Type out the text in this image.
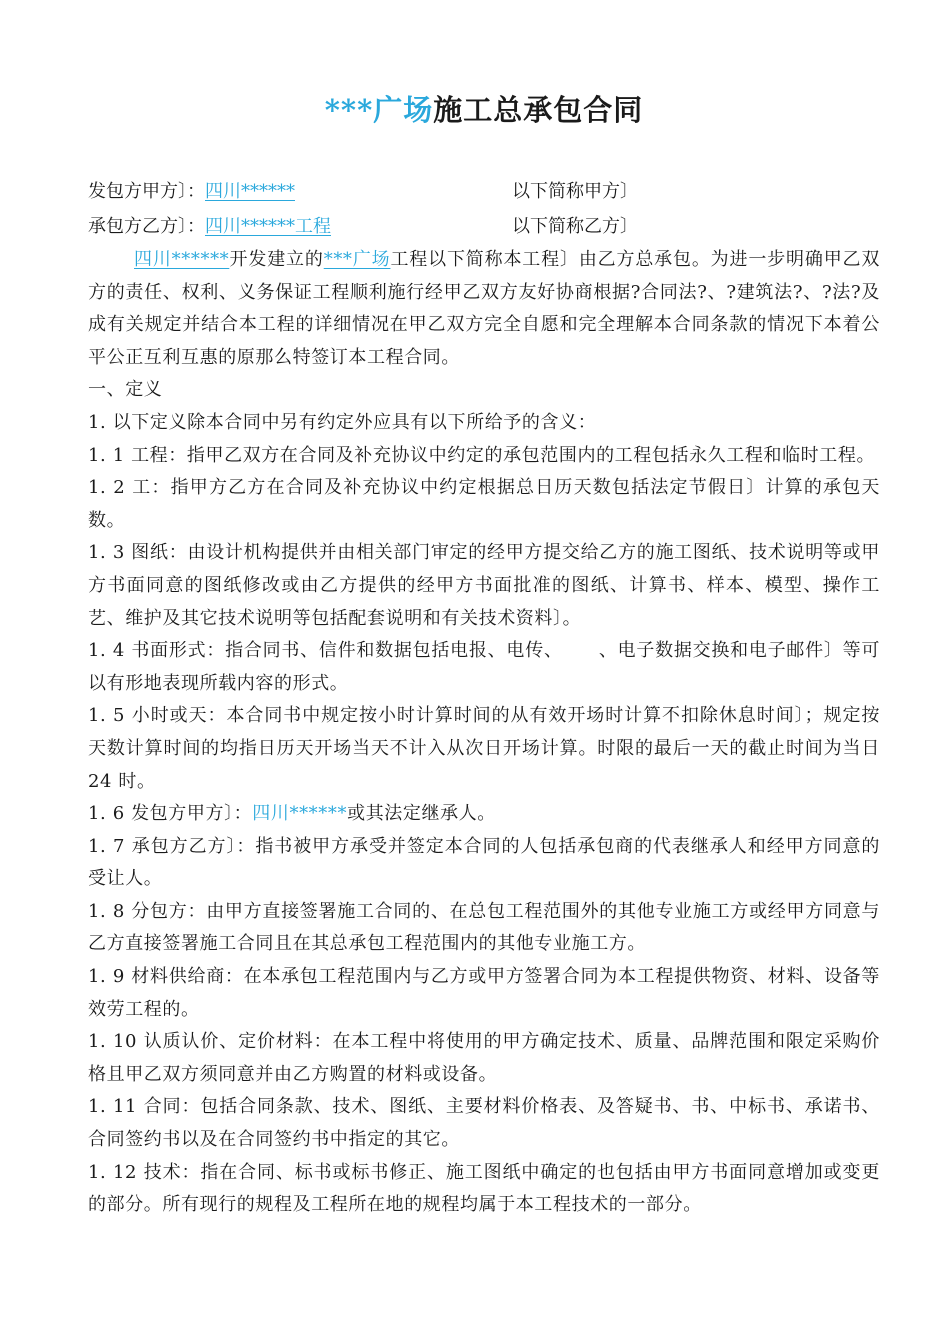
***广场施工总承包合同
发包方甲方〕：四川******	以下简称甲方〕
承包方乙方〕：四川******工程	以下简称乙方〕

四川******开发建立的***广场工程以下简称本工程〕由乙方总承包。为进一步明确甲乙双方的责任、权利、义务保证工程顺利施行经甲乙双方友好协商根据?合同法?、?建筑法?、?法?及成有关规定并结合本工程的详细情况在甲乙双方完全自愿和完全理解本合同条款的情况下本着公平公正互利互惠的原那么特签订本工程合同。

一、定义

1. 以下定义除本合同中另有约定外应具有以下所给予的含义：

1. 1 工程：指甲乙双方在合同及补充协议中约定的承包范围内的工程包括永久工程和临时工程。

1. 2 工：指甲方乙方在合同及补充协议中约定根据总日历天数包括法定节假日〕计算的承包天数。

1. 3 图纸：由设计机构提供并由相关部门审定的经甲方提交给乙方的施工图纸、技术说明等或甲方书面同意的图纸修改或由乙方提供的经甲方书面批准的图纸、计算书、样本、模型、操作工艺、维护及其它技术说明等包括配套说明和有关技术资料〕。

1. 4 书面形式：指合同书、信件和数据包括电报、电传、 、电子数据交换和电子邮件〕等可以有形地表现所载内容的形式。

1. 5 小时或天：本合同书中规定按小时计算时间的从有效开场时计算不扣除休息时间〕；规定按天数计算时间的均指日历天开场当天不计入从次日开场计算。时限的最后一天的截止时间为当日 24 时。

1. 6 发包方甲方〕：四川******或其法定继承人。

1. 7 承包方乙方〕：指书被甲方承受并签定本合同的人包括承包商的代表继承人和经甲方同意的受让人。

1. 8 分包方：由甲方直接签署施工合同的、在总包工程范围外的其他专业施工方或经甲方同意与乙方直接签署施工合同且在其总承包工程范围内的其他专业施工方。

1. 9 材料供给商：在本承包工程范围内与乙方或甲方签署合同为本工程提供物资、材料、设备等效劳工程的。

1. 10 认质认价、定价材料：在本工程中将使用的甲方确定技术、质量、品牌范围和限定采购价格且甲乙双方须同意并由乙方购置的材料或设备。

1. 11 合同：包括合同条款、技术、图纸、主要材料价格表、及答疑书、书、中标书、承诺书、合同签约书以及在合同签约书中指定的其它。

1. 12 技术：指在合同、标书或标书修正、施工图纸中确定的也包括由甲方书面同意增加或变更的部分。所有现行的规程及工程所在地的规程均属于本工程技术的一部分。
